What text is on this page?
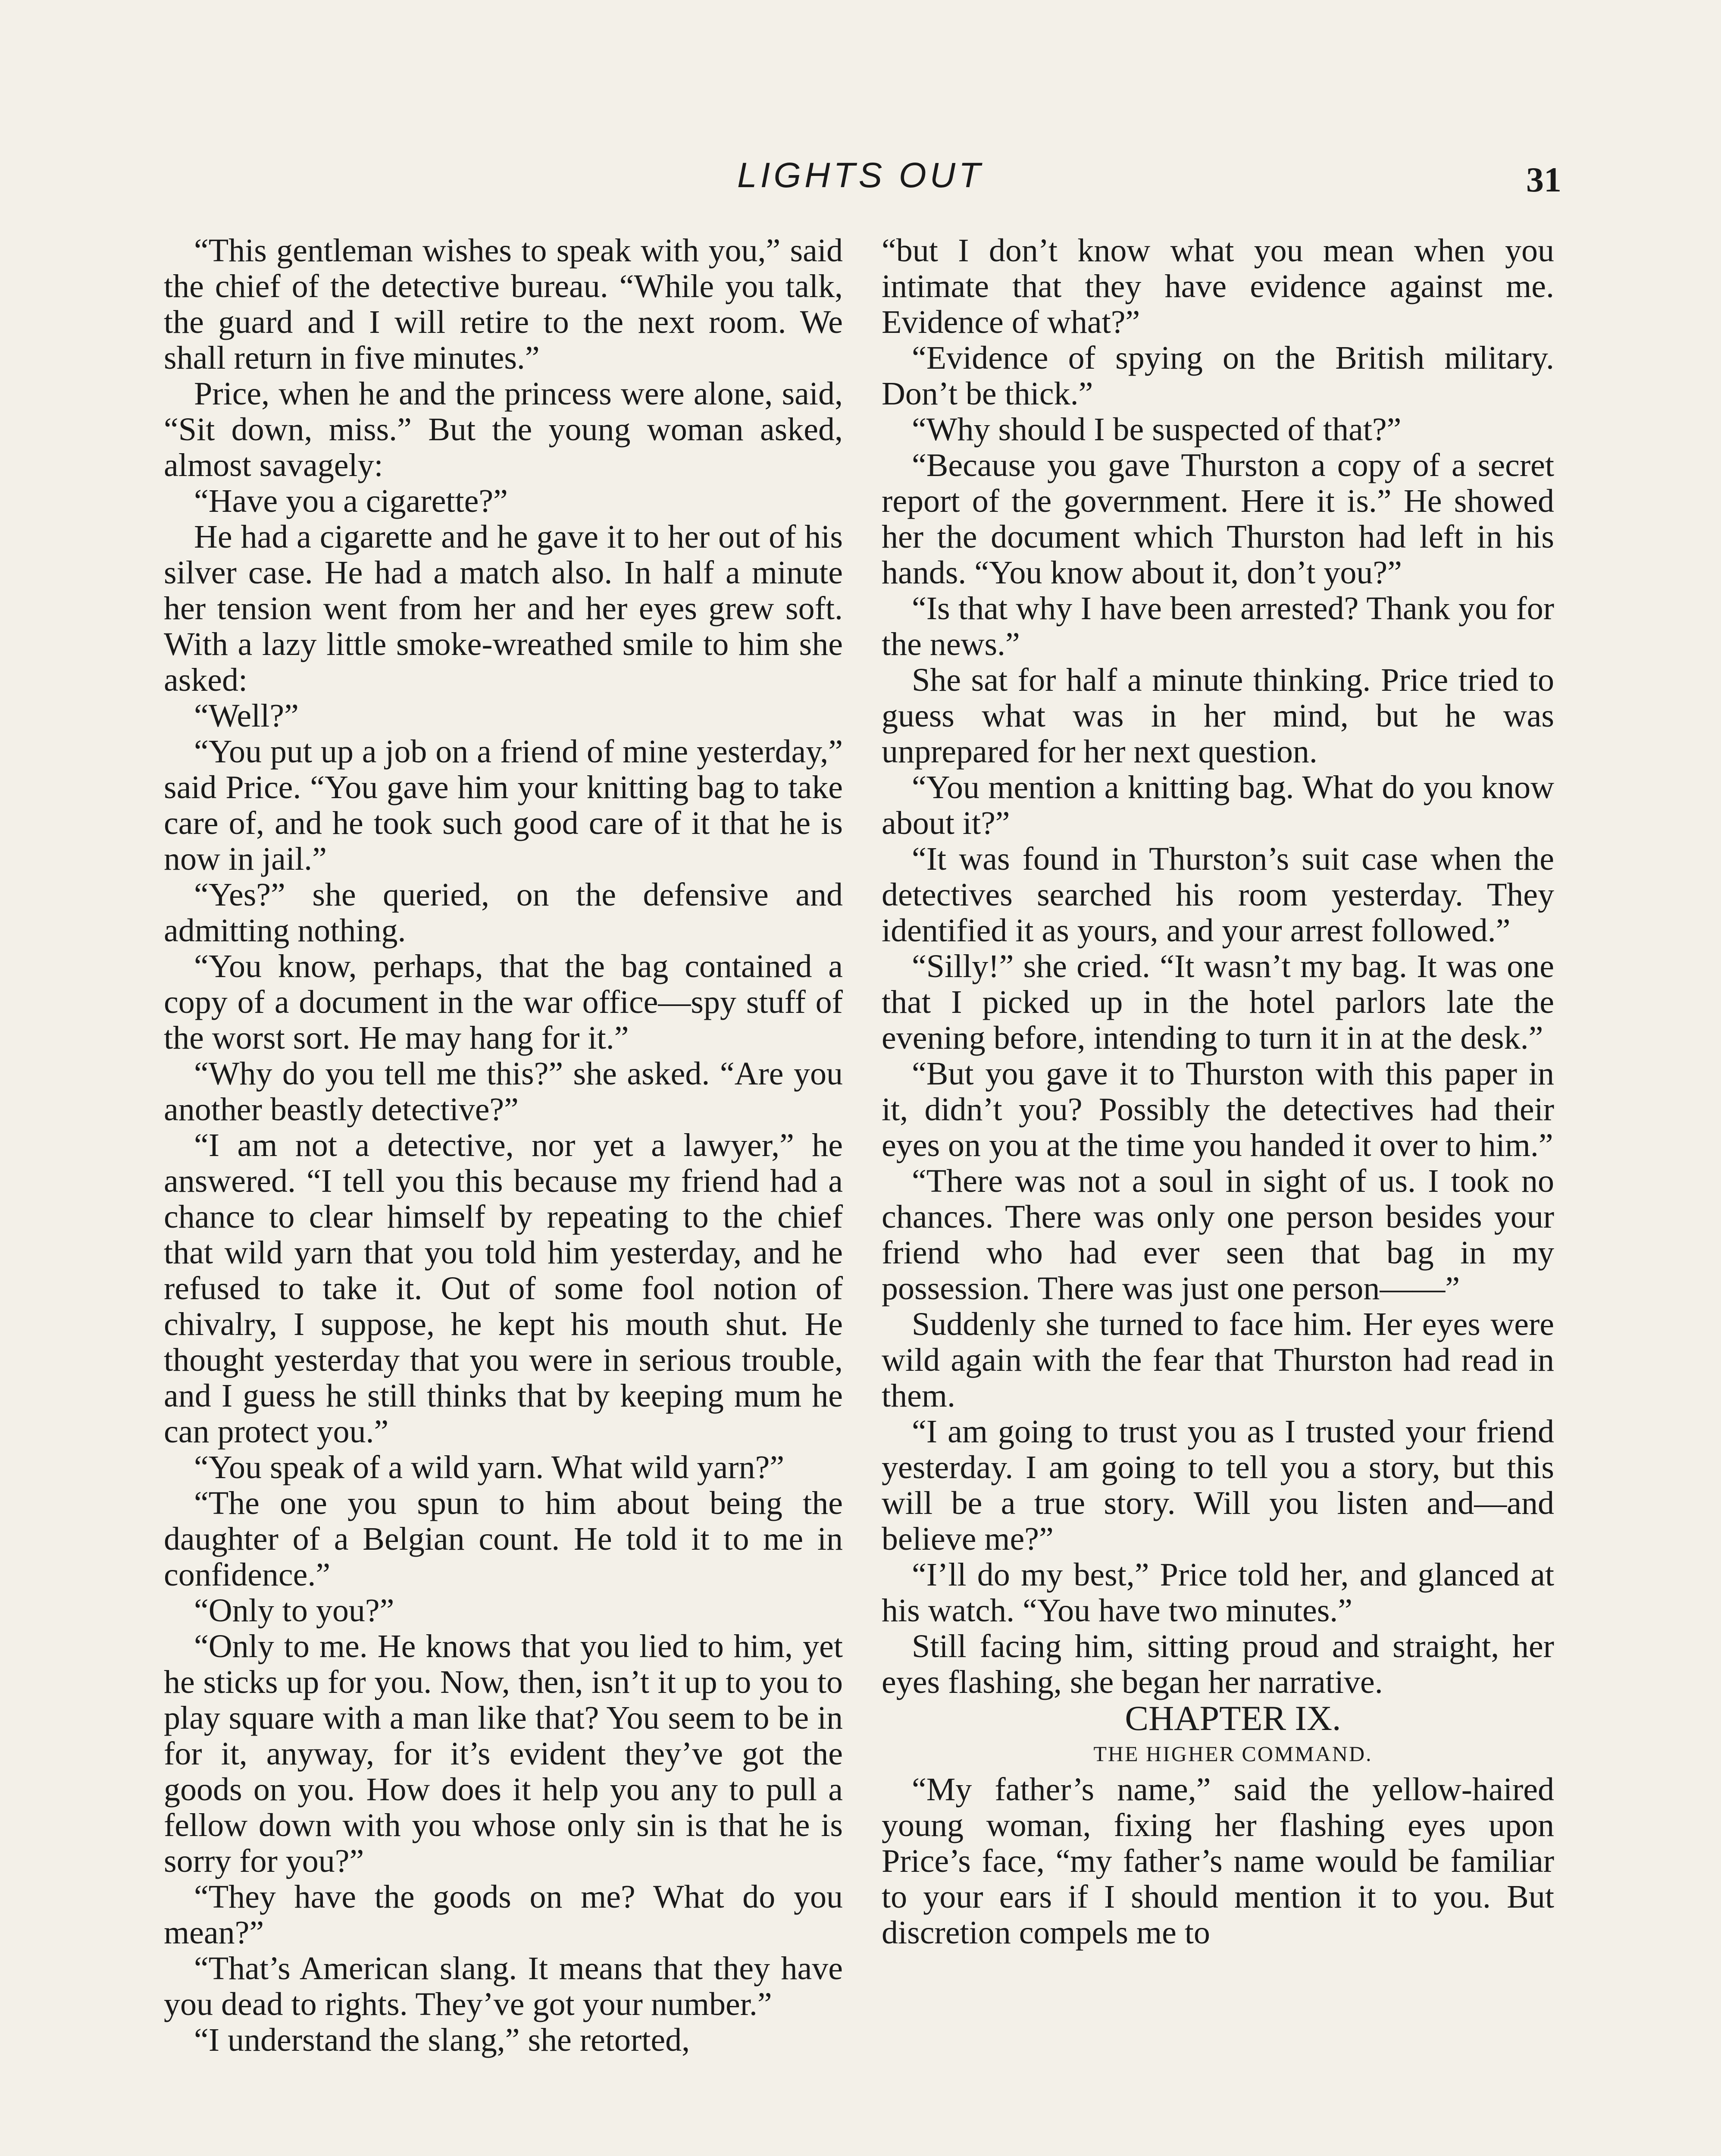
LIGHTS OUT	31

“This gentleman wishes to speak with you,” said the chief of the detective bureau. “While you talk, the guard and I will retire to the next room. We shall return in five minutes.”

Price, when he and the princess were alone, said, “Sit down, miss.” But the young woman asked, almost savagely:

“Have you a cigarette?”

He had a cigarette and he gave it to her out of his silver case. He had a match also. In half a minute her tension went from her and her eyes grew soft. With a lazy little smoke-wreathed smile to him she asked:

“Well?”

“You put up a job on a friend of mine yesterday,” said Price. “You gave him your knitting bag to take care of, and he took such good care of it that he is now in jail.”

“Yes?” she queried, on the defensive and admitting nothing.

“You know, perhaps, that the bag contained a copy of a document in the war office—spy stuff of the worst sort. He may hang for it.”

“Why do you tell me this?” she asked. “Are you another beastly detective?”

“I am not a detective, nor yet a lawyer,” he answered. “I tell you this because my friend had a chance to clear himself by repeating to the chief that wild yarn that you told him yesterday, and he refused to take it. Out of some fool notion of chivalry, I suppose, he kept his mouth shut. He thought yesterday that you were in serious trouble, and I guess he still thinks that by keeping mum he can protect you.”

“You speak of a wild yarn. What wild yarn?”

“The one you spun to him about being the daughter of a Belgian count. He told it to me in confidence.”

“Only to you?”

“Only to me. He knows that you lied to him, yet he sticks up for you. Now, then, isn’t it up to you to play square with a man like that? You seem to be in for it, anyway, for it’s evident they’ve got the goods on you. How does it help you any to pull a fellow down with you whose only sin is that he is sorry for you?”

“They have the goods on me? What do you mean?”

“That’s American slang. It means that they have you dead to rights. They’ve got your number.”

“I understand the slang,” she retorted,

“but I don’t know what you mean when you intimate that they have evidence against me. Evidence of what?”

“Evidence of spying on the British military. Don’t be thick.”

“Why should I be suspected of that?”

“Because you gave Thurston a copy of a secret report of the government. Here it is.” He showed her the document which Thurston had left in his hands. “You know about it, don’t you?”

“Is that why I have been arrested? Thank you for the news.”

She sat for half a minute thinking. Price tried to guess what was in her mind, but he was unprepared for her next question.

“You mention a knitting bag. What do you know about it?”

“It was found in Thurston’s suit case when the detectives searched his room yesterday. They identified it as yours, and your arrest followed.”

“Silly!” she cried. “It wasn’t my bag. It was one that I picked up in the hotel parlors late the evening before, intending to turn it in at the desk.”

“But you gave it to Thurston with this paper in it, didn’t you? Possibly the detectives had their eyes on you at the time you handed it over to him.”

“There was not a soul in sight of us. I took no chances. There was only one person besides your friend who had ever seen that bag in my possession. There was just one person——”

Suddenly she turned to face him. Her eyes were wild again with the fear that Thurston had read in them.

“I am going to trust you as I trusted your friend yesterday. I am going to tell you a story, but this will be a true story. Will you listen and—and believe me?”

“I’ll do my best,” Price told her, and glanced at his watch. “You have two minutes.”

Still facing him, sitting proud and straight, her eyes flashing, she began her narrative.

CHAPTER IX.

THE HIGHER COMMAND.

“My father’s name,” said the yellow-haired young woman, fixing her flashing eyes upon Price’s face, “my father’s name would be familiar to your ears if I should mention it to you. But discretion compels me to
